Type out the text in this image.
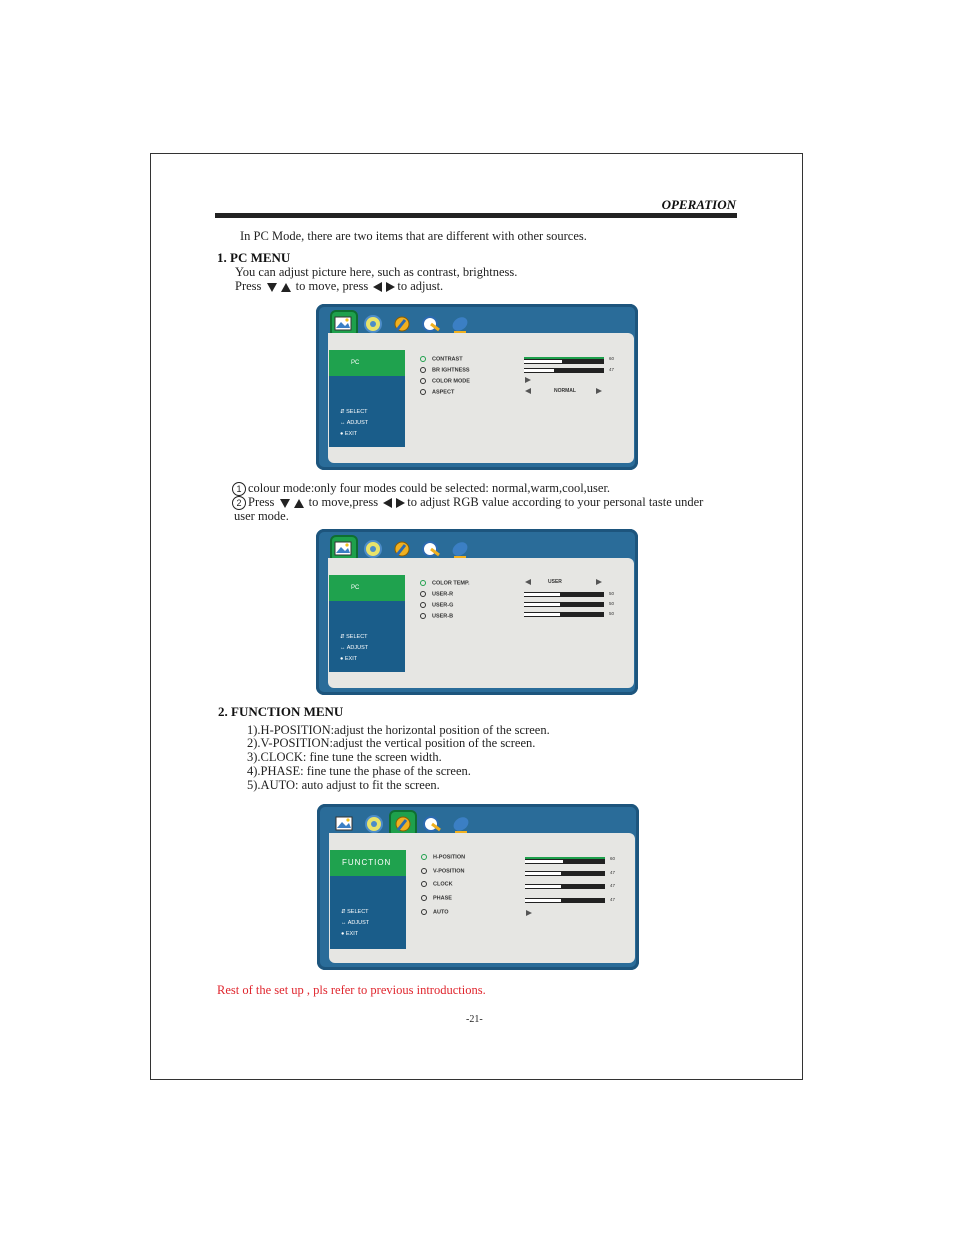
OPERATION
In PC Mode, there are two items that are different with other sources.
1. PC MENU
You can adjust picture here, such as contrast, brightness.
Press	to move, press to adjust.
PC
⇵ SELECT
↔ ADJUST
● EXIT
CONTRAST
BR IGHTNESS
COLOR MODE
ASPECT
60
47
NORMAL
1 colour mode:only four modes could be selected: normal,warm,cool,user.
2 Press	to move,press to adjust RGB value according to your personal taste under
user mode.
PC
⇵ SELECT
↔ ADJUST
● EXIT
COLOR TEMP.
USER-R
USER-G
USER-B
USER
50
50
50
2. FUNCTION MENU
1).H-POSITION:adjust the horizontal position of the screen.
2).V-POSITION:adjust the vertical position of the screen.
3).CLOCK: fine tune the screen width.
4).PHASE: fine tune the phase of the screen.
5).AUTO: auto adjust to fit the screen.
FUNCTION
⇵ SELECT
↔ ADJUST
● EXIT
H-POSITION
V-POSITION
CLOCK
PHASE
AUTO
60
47
47
47
Rest of the set up , pls refer to previous introductions.
-21-
